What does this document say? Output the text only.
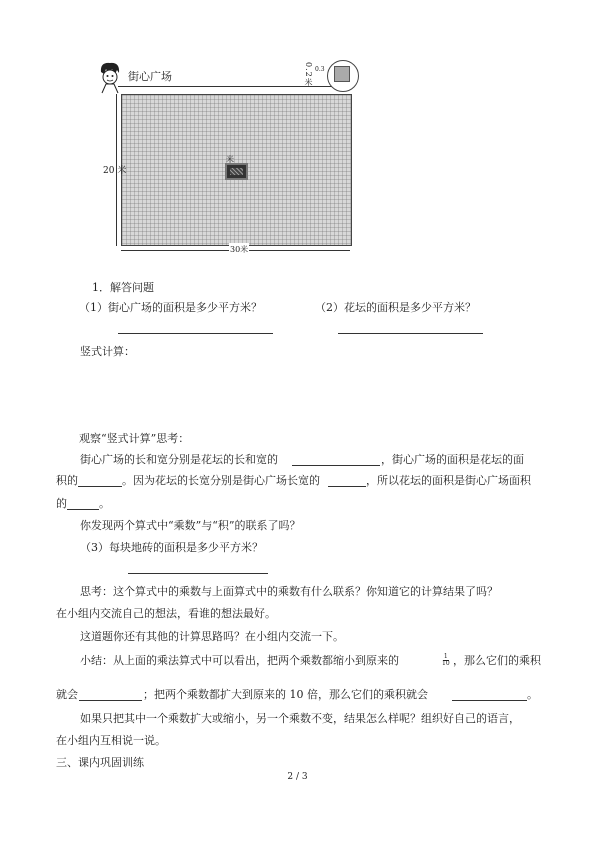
街心广场
20 米
30米
米
0.2米 0.3
1．解答问题
（1）街心广场的面积是多少平方米？	（2）花坛的面积是多少平方米？
竖式计算：
观察“竖式计算”思考：
街心广场的长和宽分别是花坛的长和宽的	，街心广场的面积是花坛的面
积的	。因为花坛的长宽分别是街心广场长宽的	，所以花坛的面积是街心广场面积
的	。
你发现两个算式中“乘数”与“积”的联系了吗？
（3）每块地砖的面积是多少平方米？
思考：这个算式中的乘数与上面算式中的乘数有什么联系？你知道它的计算结果了吗？
在小组内交流自己的想法，看谁的想法最好。
这道题你还有其他的计算思路吗？在小组内交流一下。
小结：从上面的乘法算式中可以看出，把两个乘数都缩小到原来的	$\frac{1}{10}$ ，那么它们的乘积
就会	；把两个乘数都扩大到原来的 10 倍，那么它们的乘积就会	。
如果只把其中一个乘数扩大或缩小，另一个乘数不变，结果怎么样呢？组织好自己的语言，
在小组内互相说一说。
三、课内巩固训练
2 / 3
